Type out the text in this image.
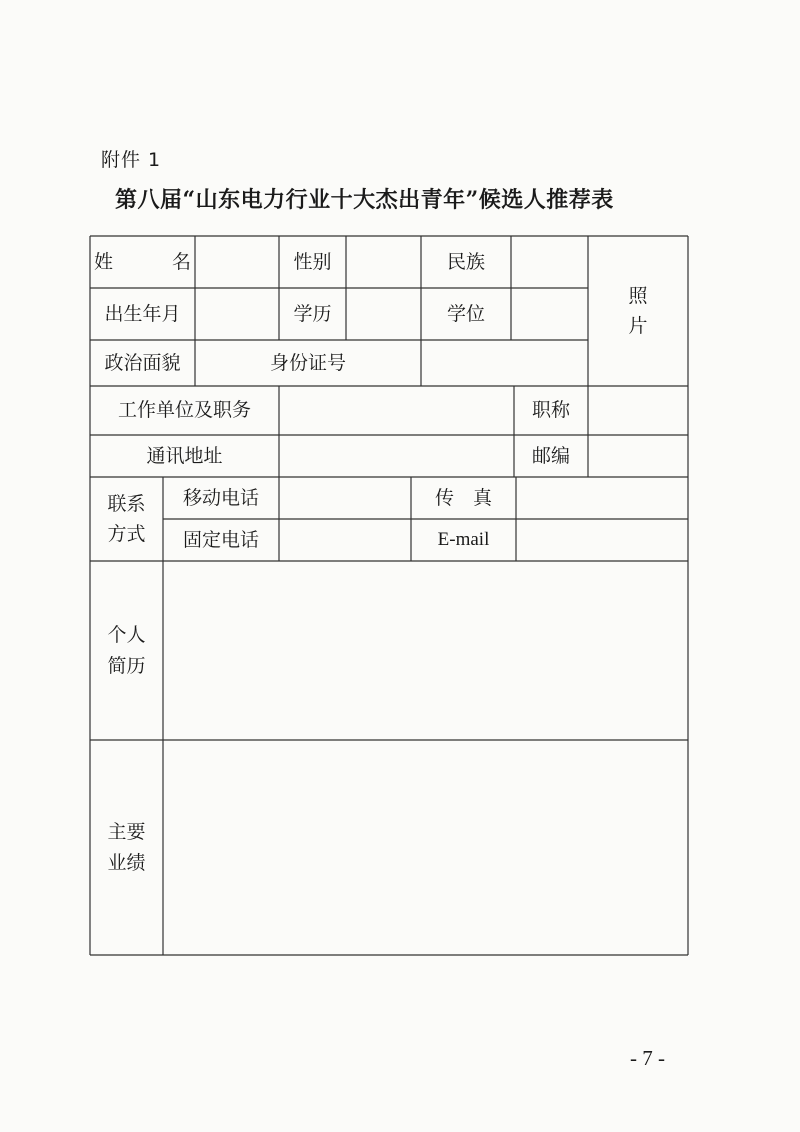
附件 1
第八届“山东电力行业十大杰出青年”候选人推荐表
姓　名	性别	民族
照
片
出生年月	学历	学位
政治面貌	身份证号
工作单位及职务	职称
通讯地址	邮编
联系
方式
移动电话	传　真
固定电话	E-mail
个人
简历
主要
业绩
- 7 -
